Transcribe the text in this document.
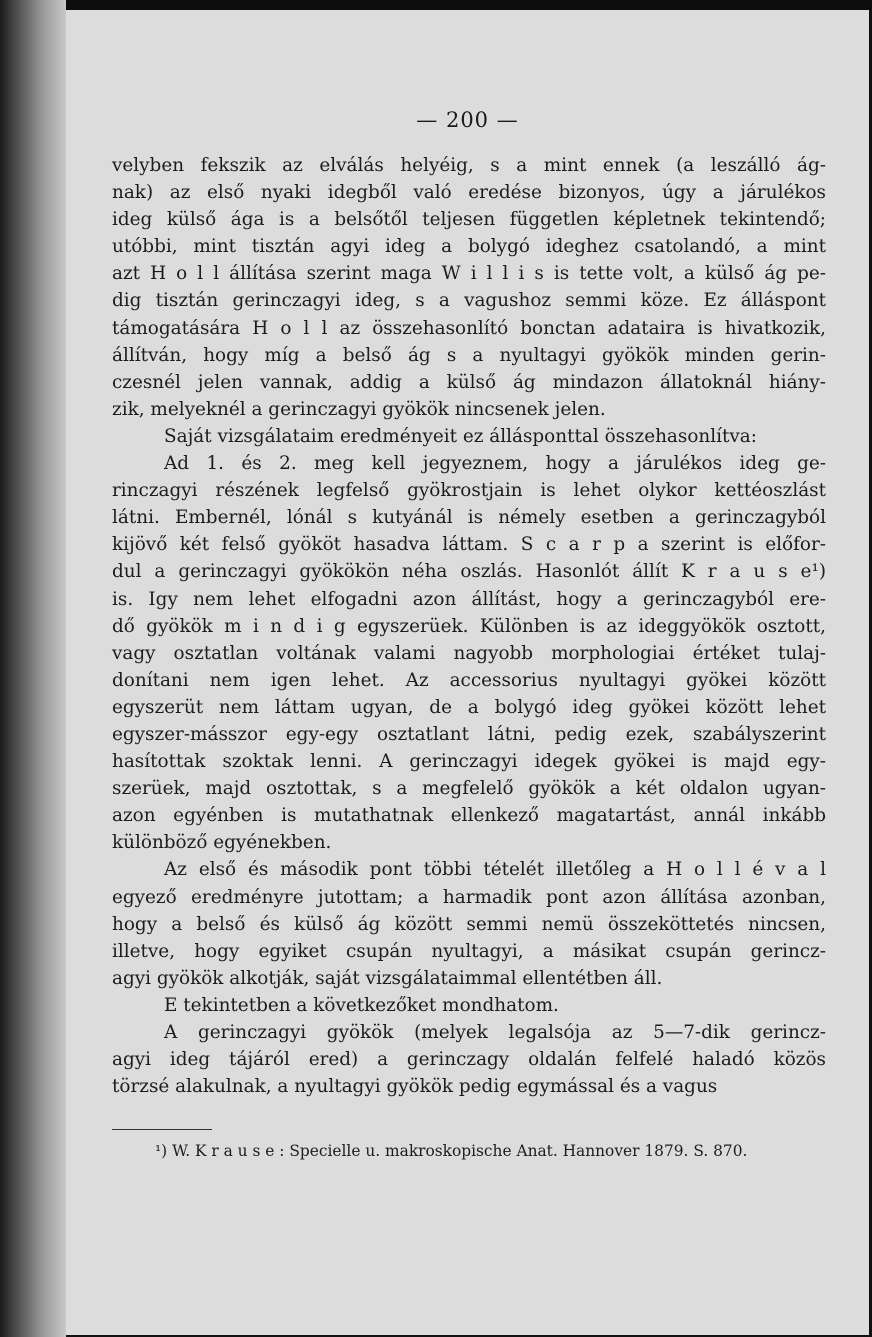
— 200 —

velyben fekszik az elválás helyéig, s a mint ennek (a leszálló ág-

nak) az első nyaki idegből való eredése bizonyos, úgy a járulékos

ideg külső ága is a belsőtől teljesen független képletnek tekintendő;

utóbbi, mint tisztán agyi ideg a bolygó ideghez csatolandó, a mint

azt H o l l állítása szerint maga W i l l i s is tette volt, a külső ág pe-

dig tisztán gerinczagyi ideg, s a vagushoz semmi köze. Ez álláspont

támogatására H o l l az összehasonlító bonctan adataira is hivatkozik,

állítván, hogy míg a belső ág s a nyultagyi gyökök minden gerin-

czesnél jelen vannak, addig a külső ág mindazon állatoknál hiány-

zik, melyeknél a gerinczagyi gyökök nincsenek jelen.

Saját vizsgálataim eredményeit ez állásponttal összehasonlítva:

Ad 1. és 2. meg kell jegyeznem, hogy a járulékos ideg ge-

rinczagyi részének legfelső gyökrostjain is lehet olykor kettéoszlást

látni. Embernél, lónál s kutyánál is némely esetben a gerinczagyból

kijövő két felső gyököt hasadva láttam. S c a r p a szerint is előfor-

dul a gerinczagyi gyökökön néha oszlás. Hasonlót állít K r a u s e¹)

is. Igy nem lehet elfogadni azon állítást, hogy a gerinczagyból ere-

dő gyökök m i n d i g egyszerüek. Különben is az ideggyökök osztott,

vagy osztatlan voltának valami nagyobb morphologiai értéket tulaj-

donítani nem igen lehet. Az accessorius nyultagyi gyökei között

egyszerüt nem láttam ugyan, de a bolygó ideg gyökei között lehet

egyszer-másszor egy-egy osztatlant látni, pedig ezek, szabályszerint

hasítottak szoktak lenni. A gerinczagyi idegek gyökei is majd egy-

szerüek, majd osztottak, s a megfelelő gyökök a két oldalon ugyan-

azon egyénben is mutathatnak ellenkező magatartást, annál inkább

különböző egyénekben.

Az első és második pont többi tételét illetőleg a H o l l é v a l

egyező eredményre jutottam; a harmadik pont azon állítása azonban,

hogy a belső és külső ág között semmi nemü összeköttetés nincsen,

illetve, hogy egyiket csupán nyultagyi, a másikat csupán gerincz-

agyi gyökök alkotják, saját vizsgálataimmal ellentétben áll.

E tekintetben a következőket mondhatom.

A gerinczagyi gyökök (melyek legalsója az 5—7-dik gerincz-

agyi ideg tájáról ered) a gerinczagy oldalán felfelé haladó közös

törzsé alakulnak, a nyultagyi gyökök pedig egymással és a vagus

¹) W. K r a u s e : Specielle u. makroskopische Anat. Hannover 1879. S. 870.
